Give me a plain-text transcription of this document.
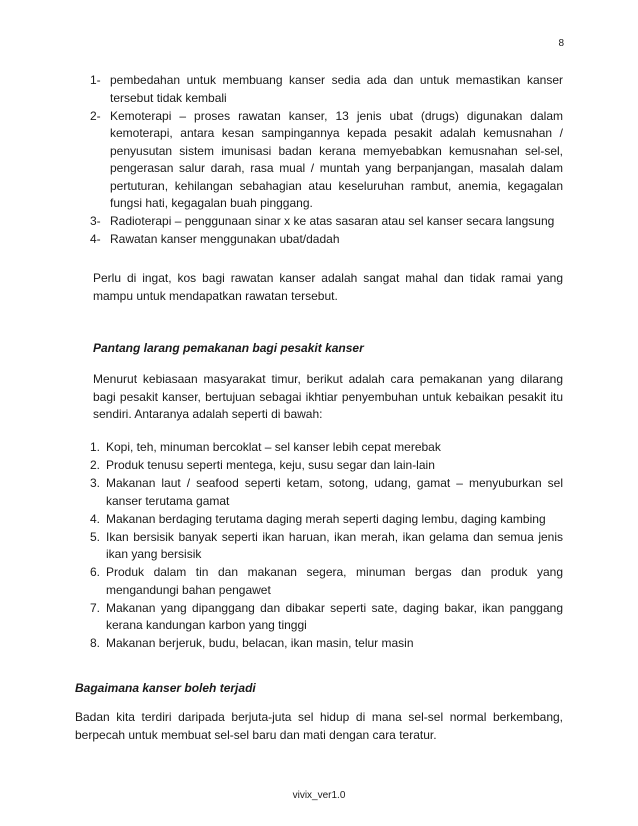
8
1- pembedahan untuk membuang kanser sedia ada dan untuk memastikan kanser tersebut tidak kembali
2- Kemoterapi – proses rawatan kanser, 13 jenis ubat (drugs) digunakan dalam kemoterapi, antara kesan sampingannya kepada pesakit adalah kemusnahan / penyusutan sistem imunisasi badan kerana memyebabkan kemusnahan sel-sel, pengerasan salur darah, rasa mual / muntah yang berpanjangan, masalah dalam pertuturan, kehilangan sebahagian atau keseluruhan rambut, anemia, kegagalan fungsi hati, kegagalan buah pinggang.
3- Radioterapi – penggunaan sinar x ke atas sasaran atau sel kanser secara langsung
4- Rawatan kanser menggunakan ubat/dadah

Perlu di ingat, kos bagi rawatan kanser adalah sangat mahal dan tidak ramai yang mampu untuk mendapatkan rawatan tersebut.

Pantang larang pemakanan bagi pesakit kanser

Menurut kebiasaan masyarakat timur, berikut adalah cara pemakanan yang dilarang bagi pesakit kanser, bertujuan sebagai ikhtiar penyembuhan untuk kebaikan pesakit itu sendiri. Antaranya adalah seperti di bawah:

1. Kopi, teh, minuman bercoklat – sel kanser lebih cepat merebak
2. Produk tenusu seperti mentega, keju, susu segar dan lain-lain
3. Makanan laut / seafood seperti ketam, sotong, udang, gamat – menyuburkan sel kanser terutama gamat
4. Makanan berdaging terutama daging merah seperti daging lembu, daging kambing
5. Ikan bersisik banyak seperti ikan haruan, ikan merah, ikan gelama dan semua jenis ikan yang bersisik
6. Produk dalam tin dan makanan segera, minuman bergas dan produk yang mengandungi bahan pengawet
7. Makanan yang dipanggang dan dibakar seperti sate, daging bakar, ikan panggang kerana kandungan karbon yang tinggi
8. Makanan berjeruk, budu, belacan, ikan masin, telur masin

Bagaimana kanser boleh terjadi

Badan kita terdiri daripada berjuta-juta sel hidup di mana sel-sel normal berkembang, berpecah untuk membuat sel-sel baru dan mati dengan cara teratur.

vivix_ver1.0
